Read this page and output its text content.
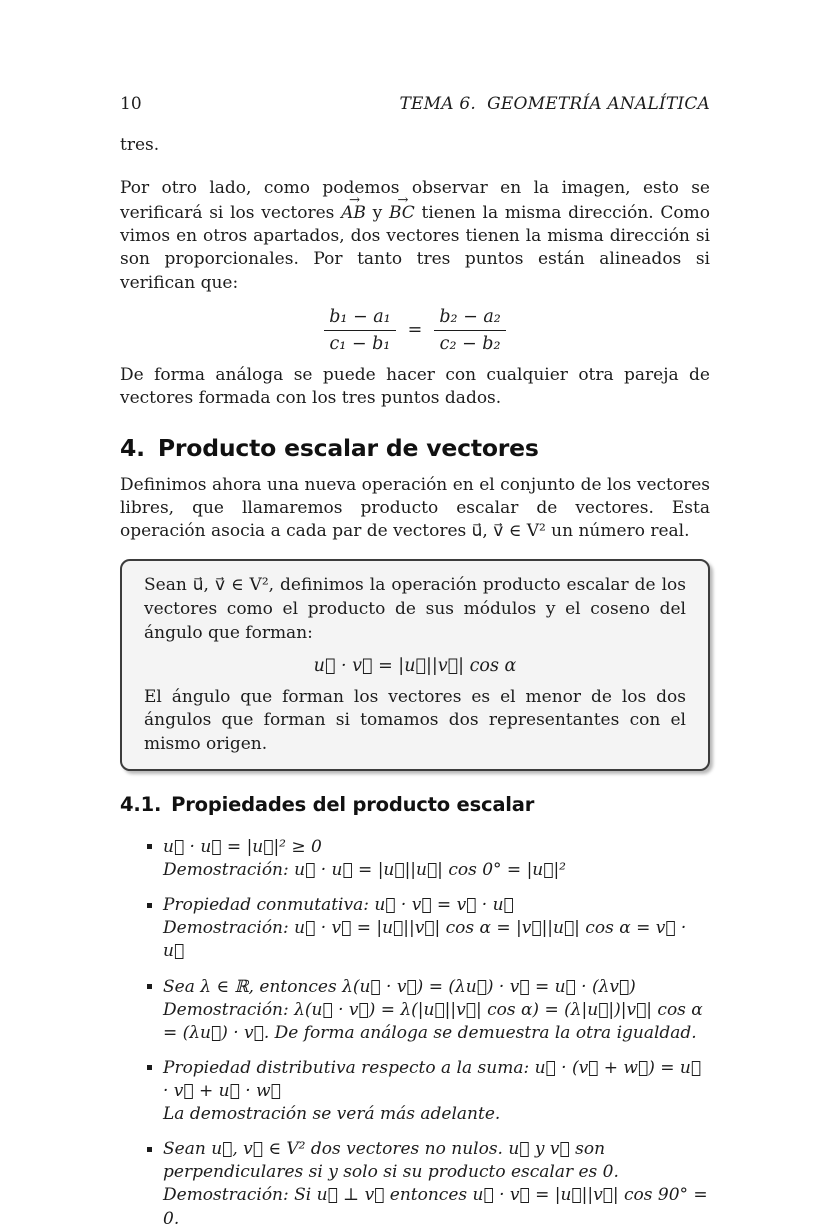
10	TEMA 6.  GEOMETRÍA ANALÍTICA

tres.

Por otro lado, como podemos observar en la imagen, esto se verificará si los vectores AB → y BC → tienen la misma dirección. Como vimos en otros apartados, dos vectores tienen la misma dirección si son proporcionales. Por tanto tres puntos están alineados si verifican que:

$\frac{\text{b₁ − a₁}}{\text{c₁ − b₁}} = \frac{\text{b₂ − a₂}}{\text{c₂ − b₂}}$

De forma análoga se puede hacer con cualquier otra pareja de vectores formada con los tres puntos dados.

4. Producto escalar de vectores

Definimos ahora una nueva operación en el conjunto de los vectores libres, que llamaremos producto escalar de vectores. Esta operación asocia a cada par de vectores u⃗, v⃗ ∈ V² un número real.

Sean u⃗, v⃗ ∈ V², definimos la operación producto escalar de los vectores como el producto de sus módulos y el coseno del ángulo que forman:

u⃗ · v⃗ = |u⃗||v⃗| cos α

El ángulo que forman los vectores es el menor de los dos ángulos que forman si tomamos dos representantes con el mismo origen.

4.1. Propiedades del producto escalar
u⃗ · u⃗ = |u⃗|² ≥ 0
Demostración: u⃗ · u⃗ = |u⃗||u⃗| cos 0° = |u⃗|²
Propiedad conmutativa: u⃗ · v⃗ = v⃗ · u⃗
Demostración: u⃗ · v⃗ = |u⃗||v⃗| cos α = |v⃗||u⃗| cos α = v⃗ · u⃗
Sea λ ∈ ℝ, entonces λ(u⃗ · v⃗) = (λu⃗) · v⃗ = u⃗ · (λv⃗)
Demostración: λ(u⃗ · v⃗) = λ(|u⃗||v⃗| cos α) = (λ|u⃗|)|v⃗| cos α = (λu⃗) · v⃗. De forma análoga se demuestra la otra igualdad.
Propiedad distributiva respecto a la suma: u⃗ · (v⃗ + w⃗) = u⃗ · v⃗ + u⃗ · w⃗
La demostración se verá más adelante.
Sean u⃗, v⃗ ∈ V² dos vectores no nulos. u⃗ y v⃗ son perpendiculares si y solo si su producto escalar es 0.
Demostración: Si u⃗ ⊥ v⃗ entonces u⃗ · v⃗ = |u⃗||v⃗| cos 90° = 0.
